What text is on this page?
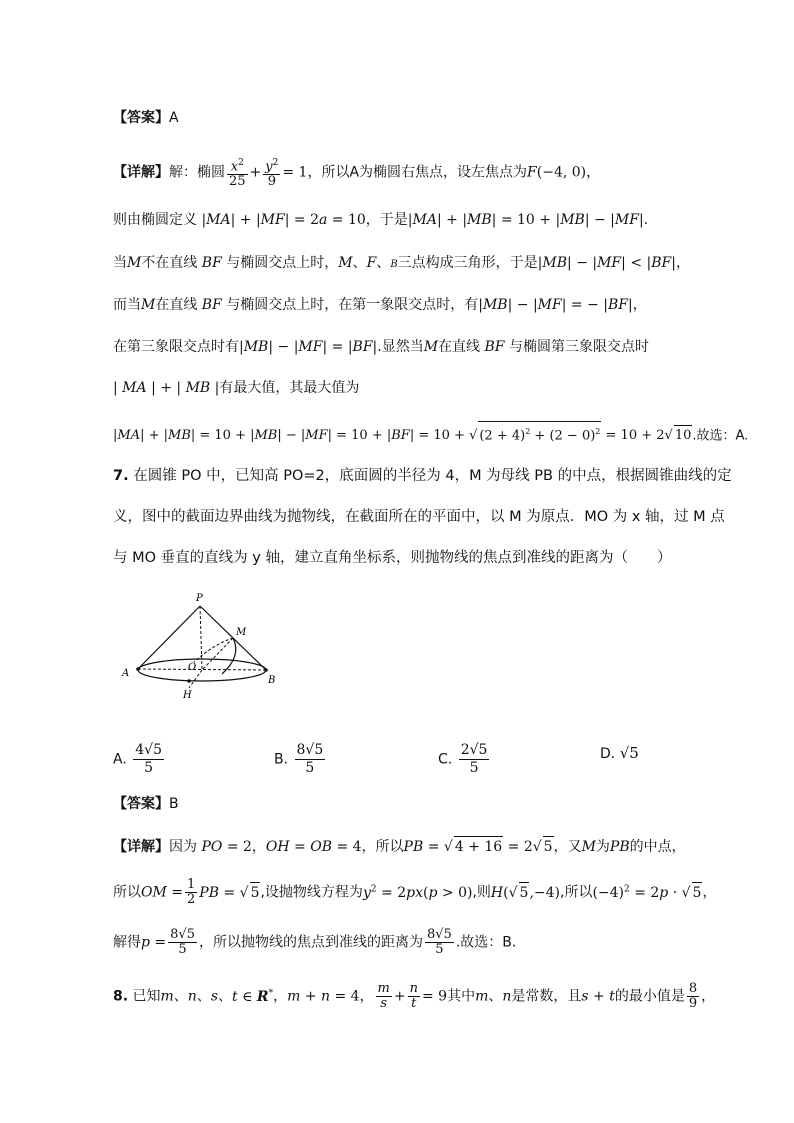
【答案】A
【详解】解：椭圆 $\frac{x^2}{25} + \frac{y^2}{9} = 1$，所以A为椭圆右焦点，设左焦点为F(−4, 0)，
则由椭圆定义 |MA| + |MF| = 2a = 10，于是|MA| + |MB| = 10 + |MB| − |MF|.
当M不在直线 BF 与椭圆交点上时，M、F、B三点构成三角形，于是|MB| − |MF| < |BF|，
而当M在直线 BF 与椭圆交点上时，在第一象限交点时，有|MB| − |MF| = − |BF|，
在第三象限交点时有|MB| − |MF| = |BF|.显然当M在直线 BF 与椭圆第三象限交点时
| MA | + | MB |有最大值，其最大值为
|MA| + |MB| = 10 + |MB| − |MF| = 10 + |BF| = 10 + √ $(2 + 4)^2 + (2 - 0)^2 = 10 + 2√$ 10.故选：A.
7. 在圆锥 PO 中，已知高 PO=2，底面圆的半径为 4，M 为母线 PB 的中点，根据圆锥曲线的定
义，图中的截面边界曲线为抛物线，在截面所在的平面中，以 M 为原点．MO 为 x 轴，过 M 点
与 MO 垂直的直线为 y 轴，建立直角坐标系，则抛物线的焦点到准线的距离为（　　）
P
M
O
A
B
H
A. $\frac{4√5}{5}$	B. $\frac{8√5}{5}$	C. $\frac{2√5}{5}$	D. √5
【答案】B
【详解】因为 PO = 2，OH = OB = 4，所以PB = √ 4 + 16 = 2√ 5，又M为PB的中点，
所以OM = $\frac{1}{2}$ PB = √ 5,设抛物线方程为$y^2 = 2px(p > 0)$,则H(√ 5,−4),所以$(-4)^2 = 2p$ · √ 5，
解得$p = \frac{8√5}{5}$ ，所以抛物线的焦点到准线的距离为 $\frac{8√5}{5}$ .故选：B.
8. 已知m、n、s、t ∈ R*，m + n = 4， $\frac{m}{s} + \frac{n}{t} = 9$其中m、n是常数，且s + t的最小值是 $\frac{8}{9}$ ，
